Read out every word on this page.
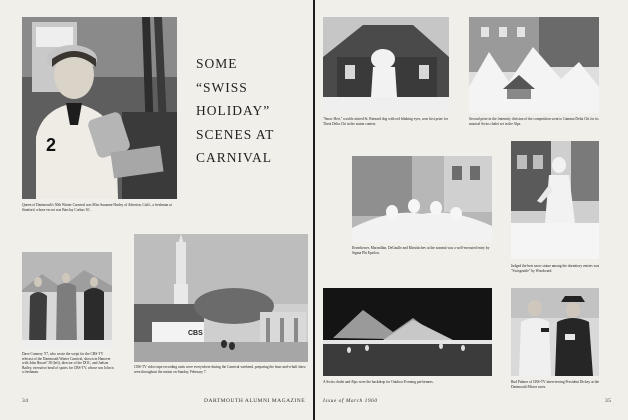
2

Queen of Dartmouth's 50th Winter Carnival was Miss Suzanne Hurley of Atherton, Calif., a freshman at Stanford, whose escort was Barclay Corbus '61.

SOME
“SWISS
HOLIDAY”
SCENES AT
CARNIVAL

Dave Connery '57, who wrote the script for the CBS-TV telecast of the Dartmouth Winter Carnival, shown in Hanover with John Russel '38 (left), director of the DOC, and Judson Bailey, executive head of sports for CBS-TV, whose son John is a freshman.

CBS

CBS-TV video tape recording units were everywhere during the Carnival weekend, preparing the hour-and-a-half show seen throughout the nation on Sunday, February 7.

34	DARTMOUTH ALUMNI MAGAZINE

"Snow Heir," a noble attired St. Bernard dog with red blinking eyes, won first prize for Theta Delta Chi in the statue contest.

Second prize in the fraternity division of the competition went to Gamma Delta Chi for its musical Swiss chalet set in the Alps.

Eisenhower, Macmillan, DeGaulle and Khrushchev at the summit was a well-executed entry by Sigma Phi Epsilon.

Judged the best snow statue among the dormitory entries was "Swisgruttle" by Woodward.

A Swiss chalet and Alps were the backdrop for Outdoor Evening performers.	Bud Palmer of CBS-TV interviewing President Dickey at the Dartmouth Mirror races.

Issue of March 1960	35
